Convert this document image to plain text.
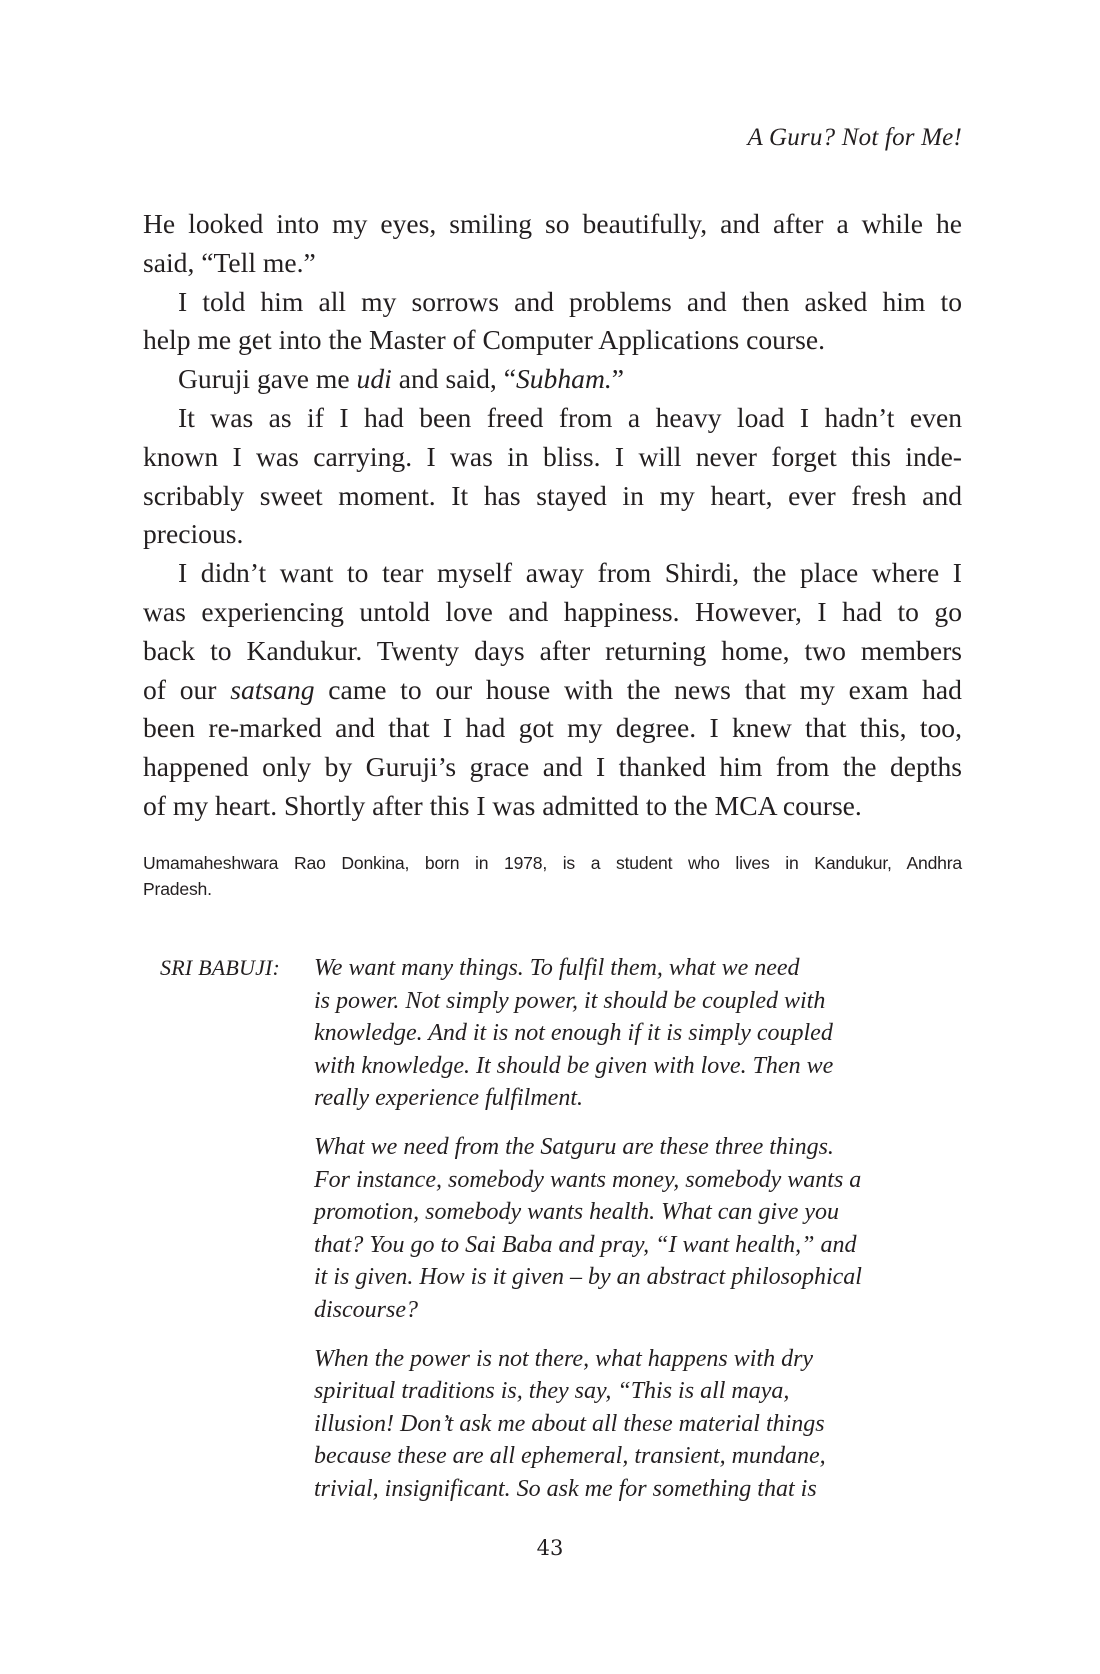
A Guru? Not for Me!

He looked into my eyes, smiling so beautifully, and after a while he
said, “Tell me.”

I told him all my sorrows and problems and then asked him to
help me get into the Master of Computer Applications course.

Guruji gave me udi and said, “Subham.”

It was as if I had been freed from a heavy load I hadn’t even
known I was carrying. I was in bliss. I will never forget this inde-
scribably sweet moment. It has stayed in my heart, ever fresh and
precious.

I didn’t want to tear myself away from Shirdi, the place where I
was experiencing untold love and happiness. However, I had to go
back to Kandukur. Twenty days after returning home, two members
of our satsang came to our house with the news that my exam had
been re-marked and that I had got my degree. I knew that this, too,
happened only by Guruji’s grace and I thanked him from the depths
of my heart. Shortly after this I was admitted to the MCA course.

Umamaheshwara Rao Donkina, born in 1978, is a student who lives in Kandukur, Andhra
Pradesh.
SRI BABUJI: We want many things. To fulfil them, what we need
is power. Not simply power, it should be coupled with
knowledge. And it is not enough if it is simply coupled
with knowledge. It should be given with love. Then we
really experience fulfilment.

What we need from the Satguru are these three things.
For instance, somebody wants money, somebody wants a
promotion, somebody wants health. What can give you
that? You go to Sai Baba and pray, “I want health,” and
it is given. How is it given – by an abstract philosophical
discourse?

When the power is not there, what happens with dry
spiritual traditions is, they say, “This is all maya,
illusion! Don’t ask me about all these material things
because these are all ephemeral, transient, mundane,
trivial, insignificant. So ask me for something that is

43
